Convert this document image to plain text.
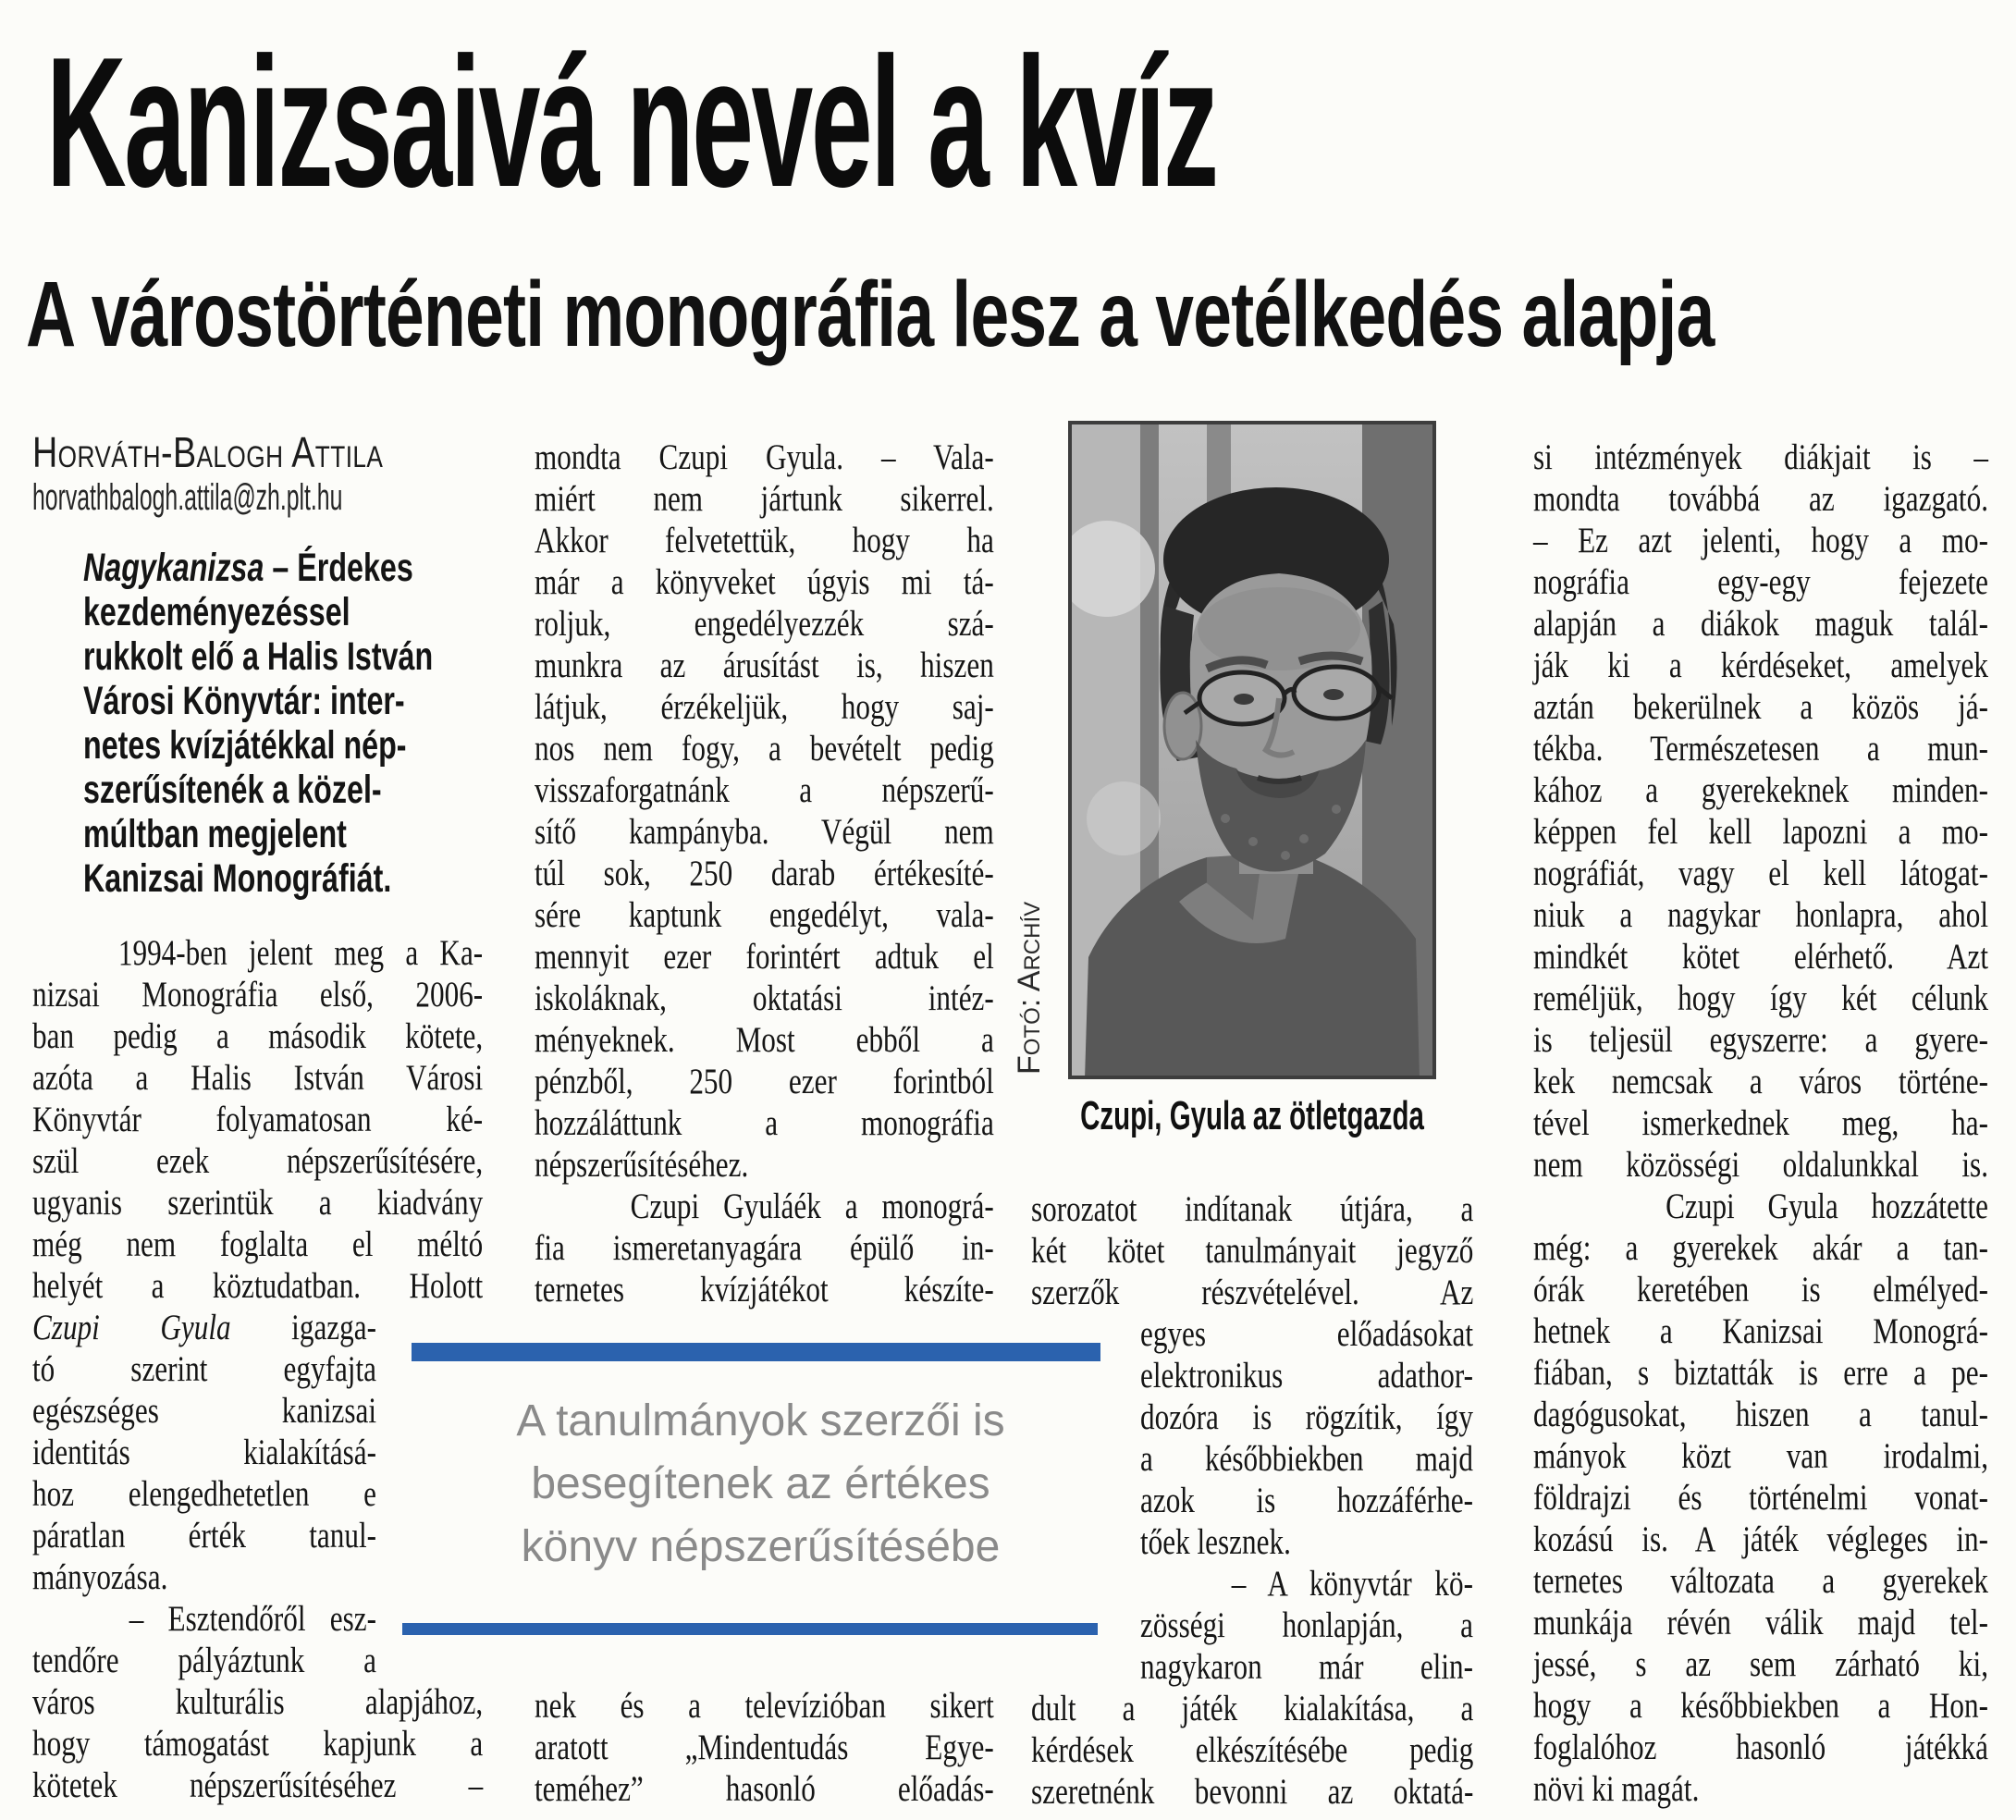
Kanizsaivá nevel a kvíz
A várostörténeti monográfia lesz a vetélkedés alapja
Horváth-Balogh Attila
horvathbalogh.attila@zh.plt.hu
Nagykanizsa – Érdekes
kezdeményezéssel
rukkolt elő a Halis István
Városi Könyvtár: inter-
netes kvízjátékkal nép-
szerűsítenék a közel-
múltban megjelent
Kanizsai Monográfiát.
1994-ben jelent meg a Ka-
nizsai Monográfia első, 2006-
ban pedig a második kötete,
azóta a Halis István Városi
Könyvtár folyamatosan ké-
szül ezek népszerűsítésére,
ugyanis szerintük a kiadvány
még nem foglalta el méltó
helyét a köztudatban. Holott
Czupi Gyula igazga-
tó szerint egyfajta
egészséges kanizsai
identitás kialakításá-
hoz elengedhetetlen e
páratlan érték tanul-
mányozása.
– Esztendőről esz-
tendőre pályáztunk a
város kulturális alapjához,
hogy támogatást kapjunk a
kötetek népszerűsítéséhez –
mondta Czupi Gyula. – Vala-
miért nem jártunk sikerrel.
Akkor felvetettük, hogy ha
már a könyveket úgyis mi tá-
roljuk, engedélyezzék szá-
munkra az árusítást is, hiszen
látjuk, érzékeljük, hogy saj-
nos nem fogy, a bevételt pedig
visszaforgatnánk a népszerű-
sítő kampányba. Végül nem
túl sok, 250 darab értékesíté-
sére kaptunk engedélyt, vala-
mennyit ezer forintért adtuk el
iskoláknak, oktatási intéz-
ményeknek. Most ebből a
pénzből, 250 ezer forintból
hozzáláttunk a monográfia
népszerűsítéséhez.
Czupi Gyuláék a monográ-
fia ismeretanyagára épülő in-
ternetes kvízjátékot készíte-
nek és a televízióban sikert
aratott „Mindentudás Egye-
teméhez” hasonló előadás-
A tanulmányok szerzői is
besegítenek az értékes
könyv népszerűsítésébe
Fotó: Archív
Czupi, Gyula az ötletgazda
sorozatot indítanak útjára, a
két kötet tanulmányait jegyző
szerzők részvételével. Az
egyes előadásokat
elektronikus adathor-
dozóra is rögzítik, így
a későbbiekben majd
azok is hozzáférhe-
tőek lesznek.
– A könyvtár kö-
zösségi honlapján, a
nagykaron már elin-
dult a játék kialakítása, a
kérdések elkészítésébe pedig
szeretnénk bevonni az oktatá-
si intézmények diákjait is –
mondta továbbá az igazgató.
– Ez azt jelenti, hogy a mo-
nográfia egy-egy fejezete
alapján a diákok maguk talál-
ják ki a kérdéseket, amelyek
aztán bekerülnek a közös já-
tékba. Természetesen a mun-
kához a gyerekeknek minden-
képpen fel kell lapozni a mo-
nográfiát, vagy el kell látogat-
niuk a nagykar honlapra, ahol
mindkét kötet elérhető. Azt
reméljük, hogy így két célunk
is teljesül egyszerre: a gyere-
kek nemcsak a város történe-
tével ismerkednek meg, ha-
nem közösségi oldalunkkal is.
Czupi Gyula hozzátette
még: a gyerekek akár a tan-
órák keretében is elmélyed-
hetnek a Kanizsai Monográ-
fiában, s biztatták is erre a pe-
dagógusokat, hiszen a tanul-
mányok közt van irodalmi,
földrajzi és történelmi vonat-
kozású is. A játék végleges in-
ternetes változata a gyerekek
munkája révén válik majd tel-
jessé, s az sem zárható ki,
hogy a későbbiekben a Hon-
foglalóhoz hasonló játékká
növi ki magát.
